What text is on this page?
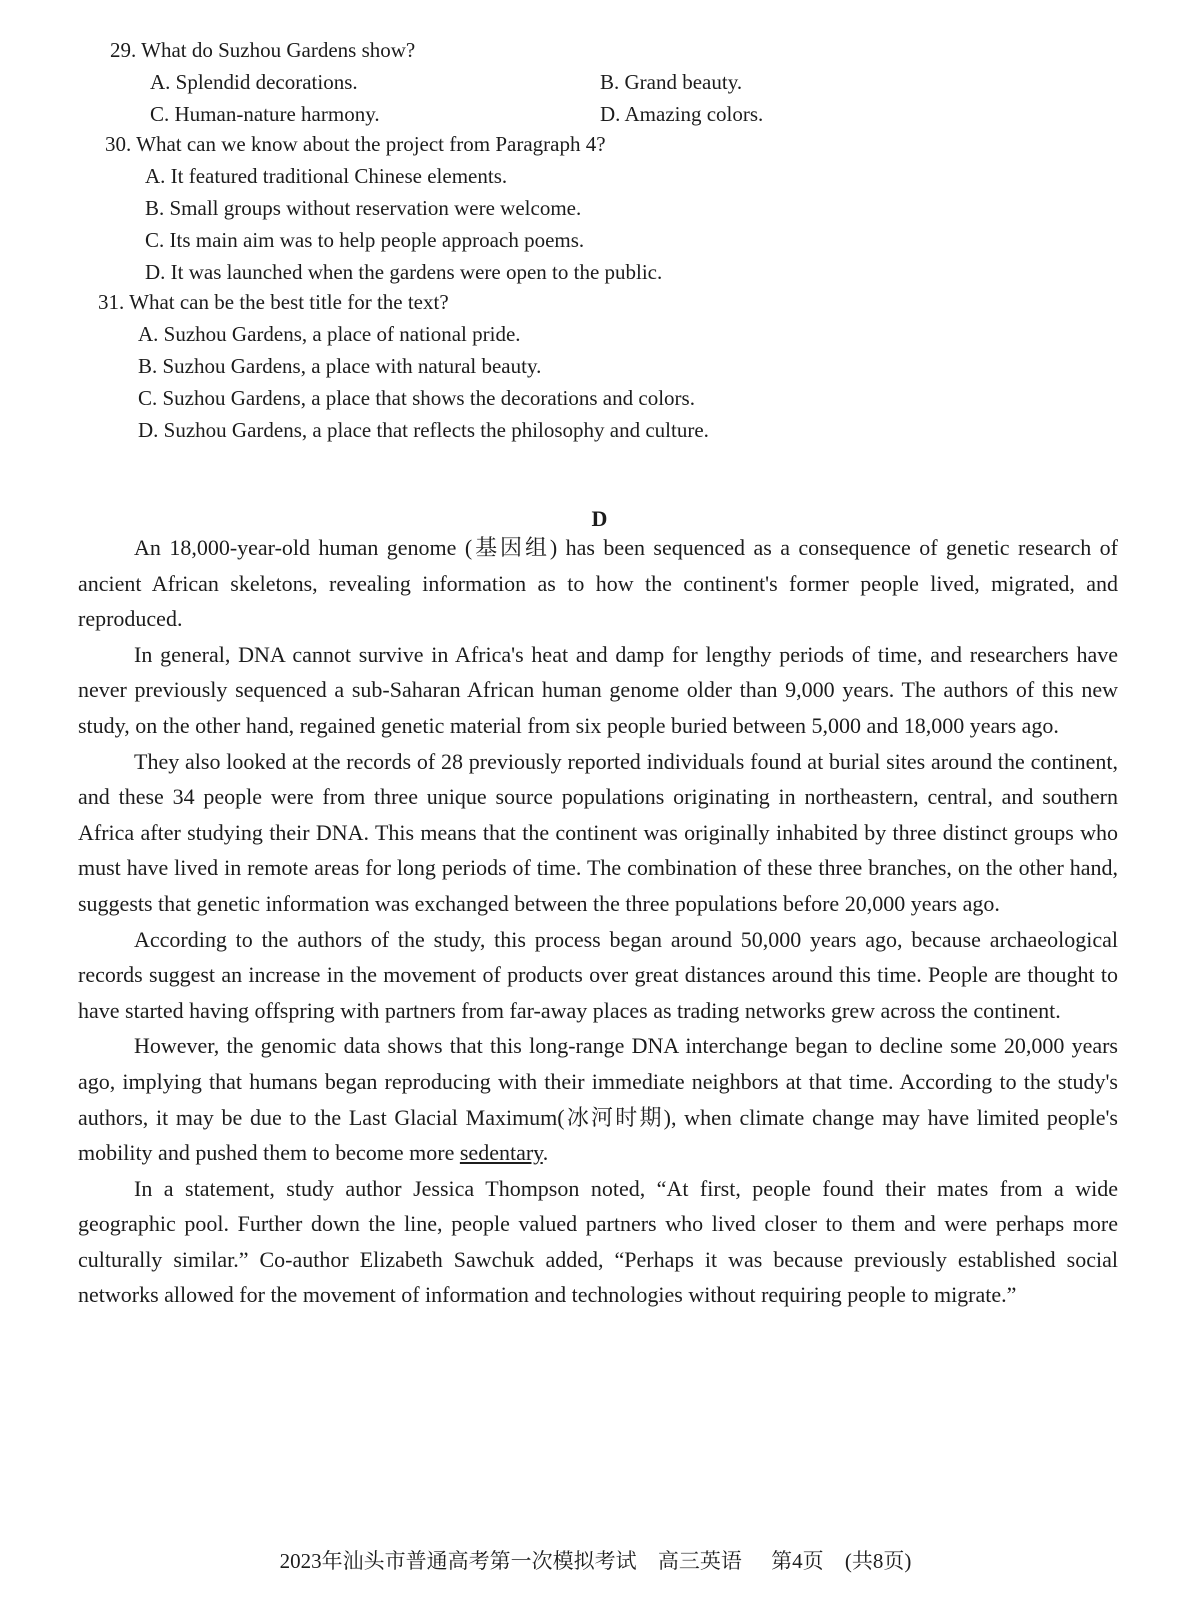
29. What do Suzhou Gardens show?
A. Splendid decorations.	B. Grand beauty.
C. Human-nature harmony.	D. Amazing colors.
30. What can we know about the project from Paragraph 4?
A. It featured traditional Chinese elements.
B. Small groups without reservation were welcome.
C. Its main aim was to help people approach poems.
D. It was launched when the gardens were open to the public.
31. What can be the best title for the text?
A. Suzhou Gardens, a place of national pride.
B. Suzhou Gardens, a place with natural beauty.
C. Suzhou Gardens, a place that shows the decorations and colors.
D. Suzhou Gardens, a place that reflects the philosophy and culture.
D

An 18,000-year-old human genome (基因组) has been sequenced as a consequence of genetic research of ancient African skeletons, revealing information as to how the continent's former people lived, migrated, and reproduced.

In general, DNA cannot survive in Africa's heat and damp for lengthy periods of time, and researchers have never previously sequenced a sub-Saharan African human genome older than 9,000 years. The authors of this new study, on the other hand, regained genetic material from six people buried between 5,000 and 18,000 years ago.

They also looked at the records of 28 previously reported individuals found at burial sites around the continent, and these 34 people were from three unique source populations originating in northeastern, central, and southern Africa after studying their DNA. This means that the continent was originally inhabited by three distinct groups who must have lived in remote areas for long periods of time. The combination of these three branches, on the other hand, suggests that genetic information was exchanged between the three populations before 20,000 years ago.

According to the authors of the study, this process began around 50,000 years ago, because archaeological records suggest an increase in the movement of products over great distances around this time. People are thought to have started having offspring with partners from far-away places as trading networks grew across the continent.

However, the genomic data shows that this long-range DNA interchange began to decline some 20,000 years ago, implying that humans began reproducing with their immediate neighbors at that time. According to the study's authors, it may be due to the Last Glacial Maximum(冰河时期), when climate change may have limited people's mobility and pushed them to become more sedentary.

In a statement, study author Jessica Thompson noted, “At first, people found their mates from a wide geographic pool. Further down the line, people valued partners who lived closer to them and were perhaps more culturally similar.” Co-author Elizabeth Sawchuk added, “Perhaps it was because previously established social networks allowed for the movement of information and technologies without requiring people to migrate.”

2023年汕头市普通高考第一次模拟考试 高三英语 第4页 (共8页)
